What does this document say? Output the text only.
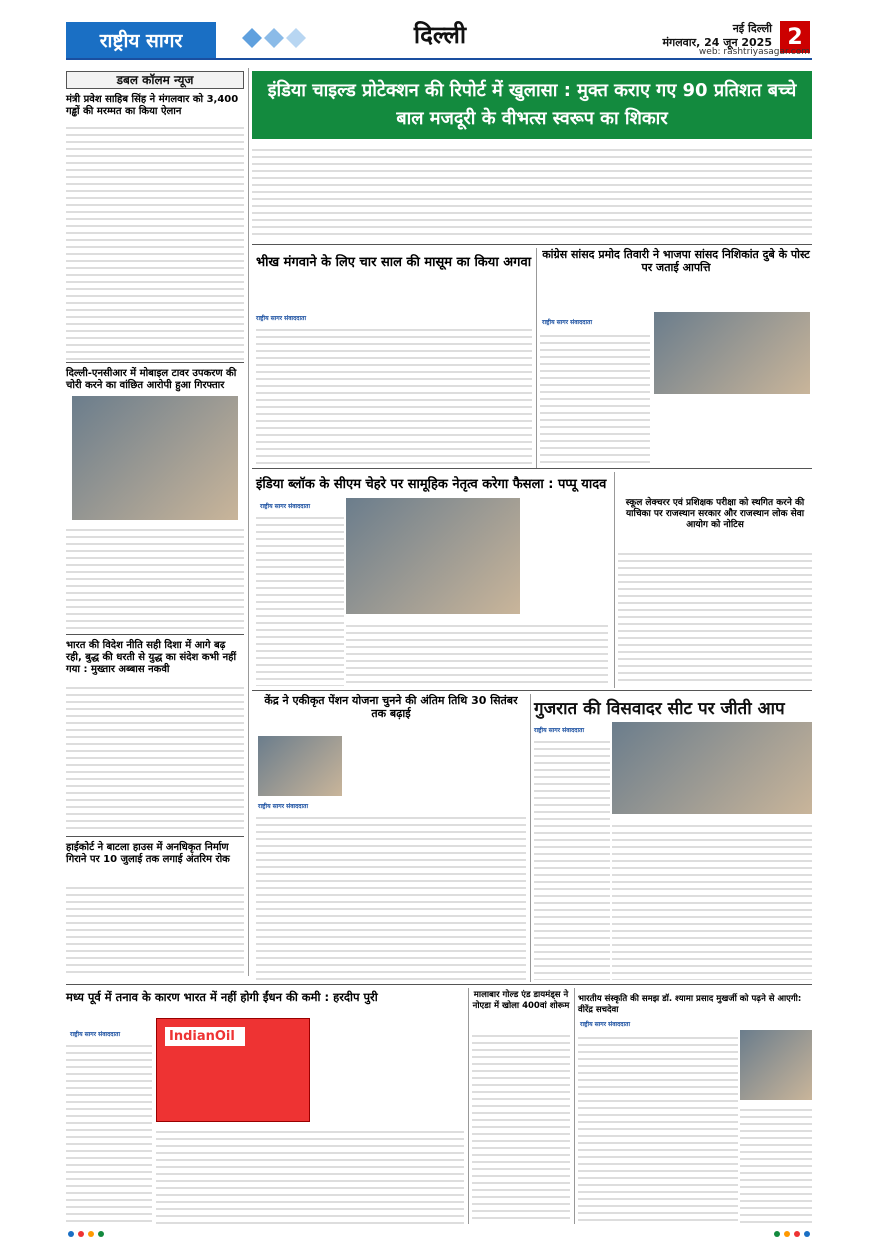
राष्ट्रीय सागर	दिल्ली	नई दिल्ली
मंगलवार, 24 जून 2025 2
web: rashtriyasagar.com
डबल कॉलम न्यूज
मंत्री प्रवेश साहिब सिंह ने मंगलवार को 3,400 गड्ढों की मरम्मत का किया ऐलान
दिल्ली-एनसीआर में मोबाइल टावर उपकरण की चोरी करने का वांछित आरोपी हुआ गिरफ्तार
भारत की विदेश नीति सही दिशा में आगे बढ़ रही, बुद्ध की धरती से युद्ध का संदेश कभी नहीं गया : मुख्तार अब्बास नकवी
हाईकोर्ट ने बाटला हाउस में अनधिकृत निर्माण गिराने पर 10 जुलाई तक लगाई अंतरिम रोक
इंडिया चाइल्ड प्रोटेक्शन की रिपोर्ट में खुलासा : मुक्त कराए गए 90 प्रतिशत बच्चे बाल मजदूरी के वीभत्स स्वरूप का शिकार
भीख मंगवाने के लिए चार साल की मासूम का किया अगवा
राष्ट्रीय सागर संवाददाता
कांग्रेस सांसद प्रमोद तिवारी ने भाजपा सांसद निशिकांत दुबे के पोस्ट पर जताई आपत्ति
राष्ट्रीय सागर संवाददाता
इंडिया ब्लॉक के सीएम चेहरे पर सामूहिक नेतृत्व करेगा फैसला : पप्पू यादव
राष्ट्रीय सागर संवाददाता	स्कूल लेक्चरर एवं प्रशिक्षक परीक्षा को स्थगित करने की याचिका पर राजस्थान सरकार और राजस्थान लोक सेवा आयोग को नोटिस
केंद्र ने एकीकृत पेंशन योजना चुनने की अंतिम तिथि 30 सितंबर तक बढ़ाई
राष्ट्रीय सागर संवाददाता
गुजरात की विसवादर सीट पर जीती आप
राष्ट्रीय सागर संवाददाता
मध्य पूर्व में तनाव के कारण भारत में नहीं होगी ईंधन की कमी : हरदीप पुरी
राष्ट्रीय सागर संवाददाता	IndianOil
मालाबार गोल्ड एंड डायमंड्स ने नोएडा में खोला 400वां शोरूम
भारतीय संस्कृति की समझ डॉ. श्यामा प्रसाद मुखर्जी को पढ़ने से आएगी: वीरेंद्र सचदेवा
राष्ट्रीय सागर संवाददाता
